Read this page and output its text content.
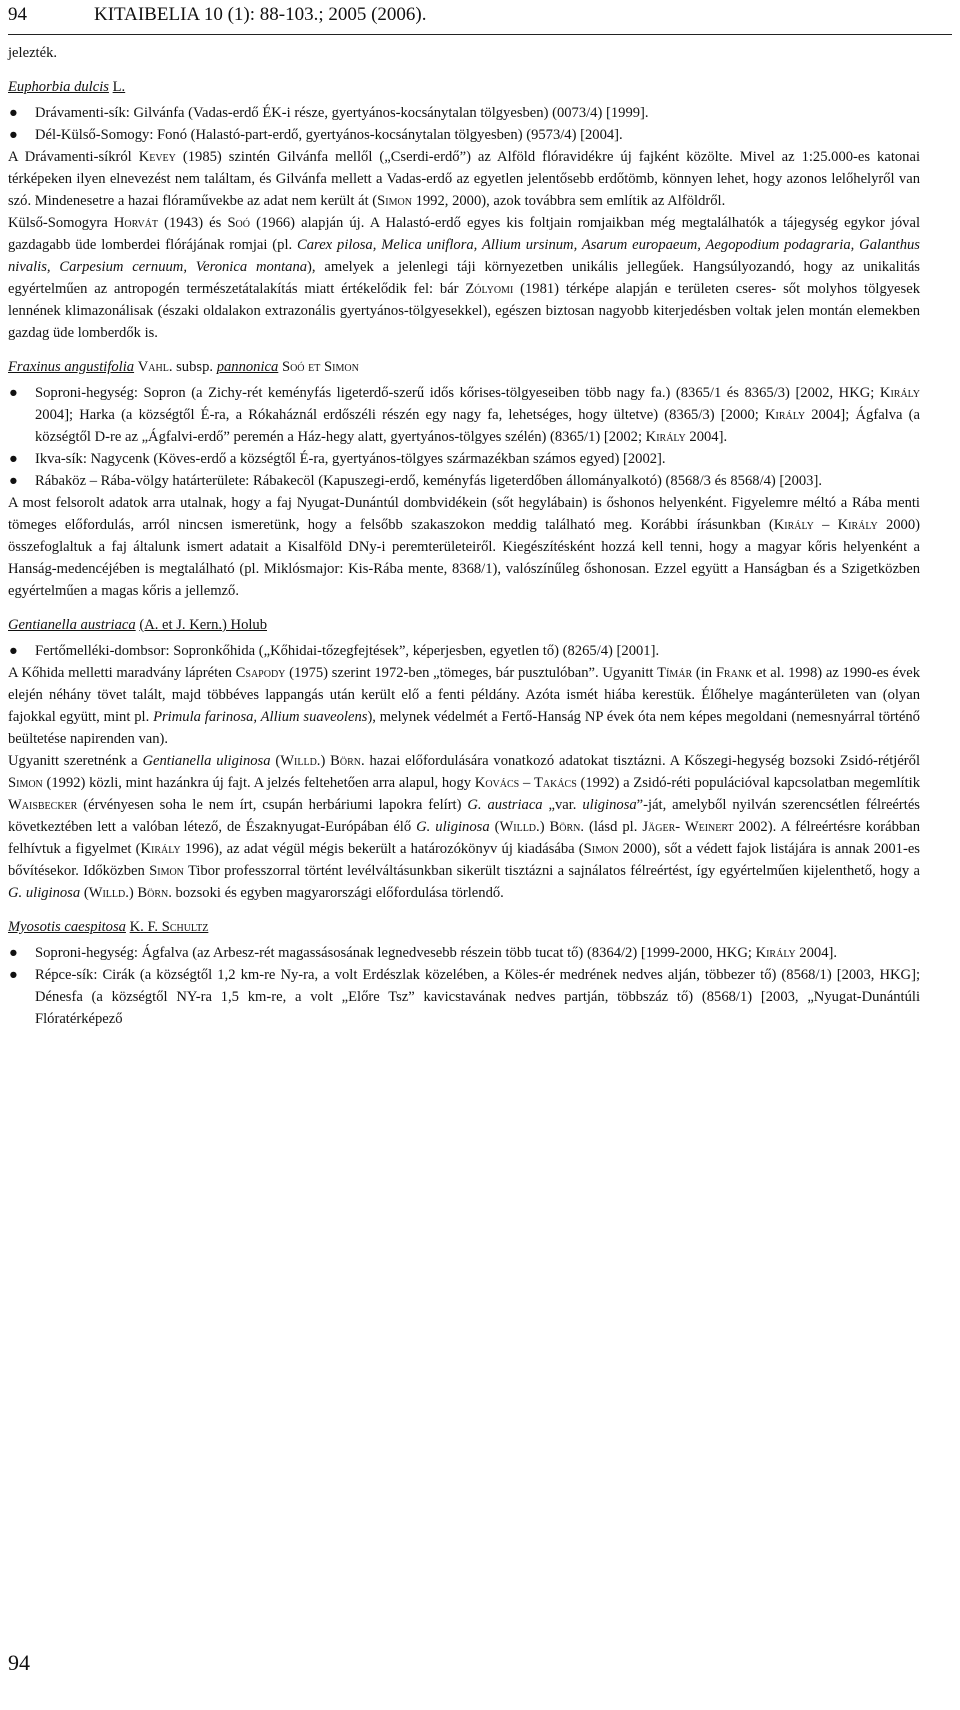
94	KITAIBELIA 10 (1): 88-103.; 2005 (2006).

jelezték.

Euphorbia dulcis L.

● Drávamenti-sík: Gilvánfa (Vadas-erdő ÉK-i része, gyertyános-kocsánytalan tölgyesben) (0073/4) [1999].
● Dél-Külső-Somogy: Fonó (Halastó-part-erdő, gyertyános-kocsánytalan tölgyesben) (9573/4) [2004].

A Drávamenti-síkról Kevey (1985) szintén Gilvánfa mellől („Cserdi-erdő”) az Alföld flóravidékre új fajként közölte. Mivel az 1:25.000-es katonai térképeken ilyen elnevezést nem találtam, és Gilvánfa mellett a Vadas-erdő az egyetlen jelentősebb erdőtömb, könnyen lehet, hogy azonos lelőhelyről van szó. Mindenesetre a hazai flóraművekbe az adat nem került át (Simon 1992, 2000), azok továbbra sem említik az Alföldről.

Külső-Somogyra Horvát (1943) és Soó (1966) alapján új. A Halastó-erdő egyes kis foltjain romjaikban még megtalálhatók a tájegység egykor jóval gazdagabb üde lomberdei flórájának romjai (pl. Carex pilosa, Melica uniflora, Allium ursinum, Asarum europaeum, Aegopodium podagraria, Galanthus nivalis, Carpesium cernuum, Veronica montana), amelyek a jelenlegi táji környezetben unikális jellegűek. Hangsúlyozandó, hogy az unikalitás egyértelműen az antropogén természetátalakítás miatt értékelődik fel: bár Zólyomi (1981) térképe alapján e területen cseres- sőt molyhos tölgyesek lennének klimazonálisak (északi oldalakon extrazonális gyertyános-tölgyesekkel), egészen biztosan nagyobb kiterjedésben voltak jelen montán elemekben gazdag üde lomberdők is.

Fraxinus angustifolia Vahl. subsp. pannonica Soó et Simon

● Soproni-hegység: Sopron (a Zichy-rét keményfás ligeterdő-szerű idős kőrises-tölgyeseiben több nagy fa.) (8365/1 és 8365/3) [2002, HKG; Király 2004]; Harka (a községtől É-ra, a Rókaháznál erdőszéli részén egy nagy fa, lehetséges, hogy ültetve) (8365/3) [2000; Király 2004]; Ágfalva (a községtől D-re az „Ágfalvi-erdő” peremén a Ház-hegy alatt, gyertyános-tölgyes szélén) (8365/1) [2002; Király 2004].
● Ikva-sík: Nagycenk (Köves-erdő a községtől É-ra, gyertyános-tölgyes származékban számos egyed) [2002].
● Rábaköz – Rába-völgy határterülete: Rábakecöl (Kapuszegi-erdő, keményfás ligeterdőben állományalkotó) (8568/3 és 8568/4) [2003].

A most felsorolt adatok arra utalnak, hogy a faj Nyugat-Dunántúl dombvidékein (sőt hegylábain) is őshonos helyenként. Figyelemre méltó a Rába menti tömeges előfordulás, arról nincsen ismeretünk, hogy a felsőbb szakaszokon meddig található meg. Korábbi írásunkban (Király – Király 2000) összefoglaltuk a faj általunk ismert adatait a Kisalföld DNy-i peremterületeiről. Kiegészítésként hozzá kell tenni, hogy a magyar kőris helyenként a Hanság-medencéjében is megtalálható (pl. Miklósmajor: Kis-Rába mente, 8368/1), valószínűleg őshonosan. Ezzel együtt a Hanságban és a Szigetközben egyértelműen a magas kőris a jellemző.

Gentianella austriaca (A. et J. Kern.) Holub

● Fertőmelléki-dombsor: Sopronkőhida („Kőhidai-tőzegfejtések”, képerjesben, egyetlen tő) (8265/4) [2001].

A Kőhida melletti maradvány lápréten Csapody (1975) szerint 1972-ben „tömeges, bár pusztulóban”. Ugyanitt Tímár (in Frank et al. 1998) az 1990-es évek elején néhány tövet talált, majd többéves lappangás után került elő a fenti példány. Azóta ismét hiába kerestük. Élőhelye magánterületen van (olyan fajokkal együtt, mint pl. Primula farinosa, Allium suaveolens), melynek védelmét a Fertő-Hanság NP évek óta nem képes megoldani (nemesnyárral történő beültetése napirenden van).

Ugyanitt szeretnénk a Gentianella uliginosa (Willd.) Börn. hazai előfordulására vonatkozó adatokat tisztázni. A Kőszegi-hegység bozsoki Zsidó-rétjéről Simon (1992) közli, mint hazánkra új fajt. A jelzés feltehetően arra alapul, hogy Kovács – Takács (1992) a Zsidó-réti populációval kapcsolatban megemlítik Waisbecker (érvényesen soha le nem írt, csupán herbáriumi lapokra felírt) G. austriaca „var. uliginosa”-ját, amelyből nyilván szerencsétlen félreértés következtében lett a valóban létező, de Északnyugat-Európában élő G. uliginosa (Willd.) Börn. (lásd pl. Jäger- Weinert 2002). A félreértésre korábban felhívtuk a figyelmet (Király 1996), az adat végül mégis bekerült a határozókönyv új kiadásába (Simon 2000), sőt a védett fajok listájára is annak 2001-es bővítésekor. Időközben Simon Tibor professzorral történt levélváltásunkban sikerült tisztázni a sajnálatos félreértést, így egyértelműen kijelenthető, hogy a G. uliginosa (Willd.) Börn. bozsoki és egyben magyarországi előfordulása törlendő.

Myosotis caespitosa K. F. Schultz

● Soproni-hegység: Ágfalva (az Arbesz-rét magassásosának legnedvesebb részein több tucat tő) (8364/2) [1999-2000, HKG; Király 2004].
● Répce-sík: Cirák (a községtől 1,2 km-re Ny-ra, a volt Erdészlak közelében, a Köles-ér medrének nedves alján, többezer tő) (8568/1) [2003, HKG]; Dénesfa (a községtől NY-ra 1,5 km-re, a volt „Előre Tsz” kavicstavának nedves partján, többszáz tő) (8568/1) [2003, „Nyugat-Dunántúli Flóratérképező
94
